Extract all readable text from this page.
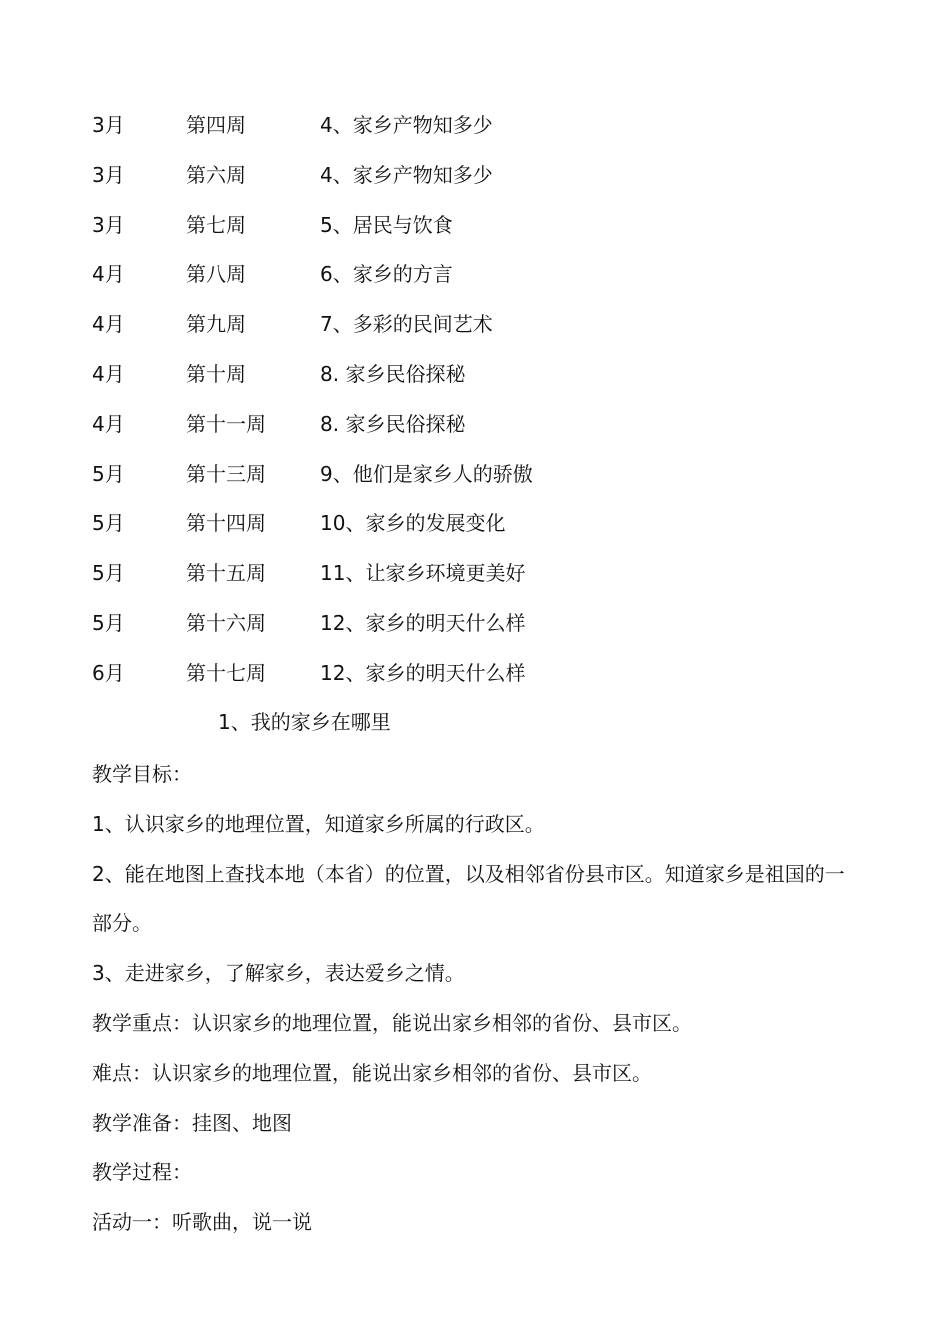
3月	第四周	4、家乡产物知多少
3月	第六周	4、家乡产物知多少
3月	第七周	5、居民与饮食
4月	第八周	6、家乡的方言
4月	第九周	7、多彩的民间艺术
4月	第十周	8. 家乡民俗探秘
4月	第十一周	8. 家乡民俗探秘
5月	第十三周	9、他们是家乡人的骄傲
5月	第十四周	10、家乡的发展变化
5月	第十五周	11、让家乡环境更美好
5月	第十六周	12、家乡的明天什么样
6月	第十七周	12、家乡的明天什么样
1、我的家乡在哪里

教学目标：

1、认识家乡的地理位置，知道家乡所属的行政区。

2、能在地图上查找本地（本省）的位置，以及相邻省份县市区。知道家乡是祖国的一部分。

3、走进家乡，了解家乡，表达爱乡之情。

教学重点：认识家乡的地理位置，能说出家乡相邻的省份、县市区。

难点：认识家乡的地理位置，能说出家乡相邻的省份、县市区。

教学准备：挂图、地图

教学过程：

活动一：听歌曲，说一说
